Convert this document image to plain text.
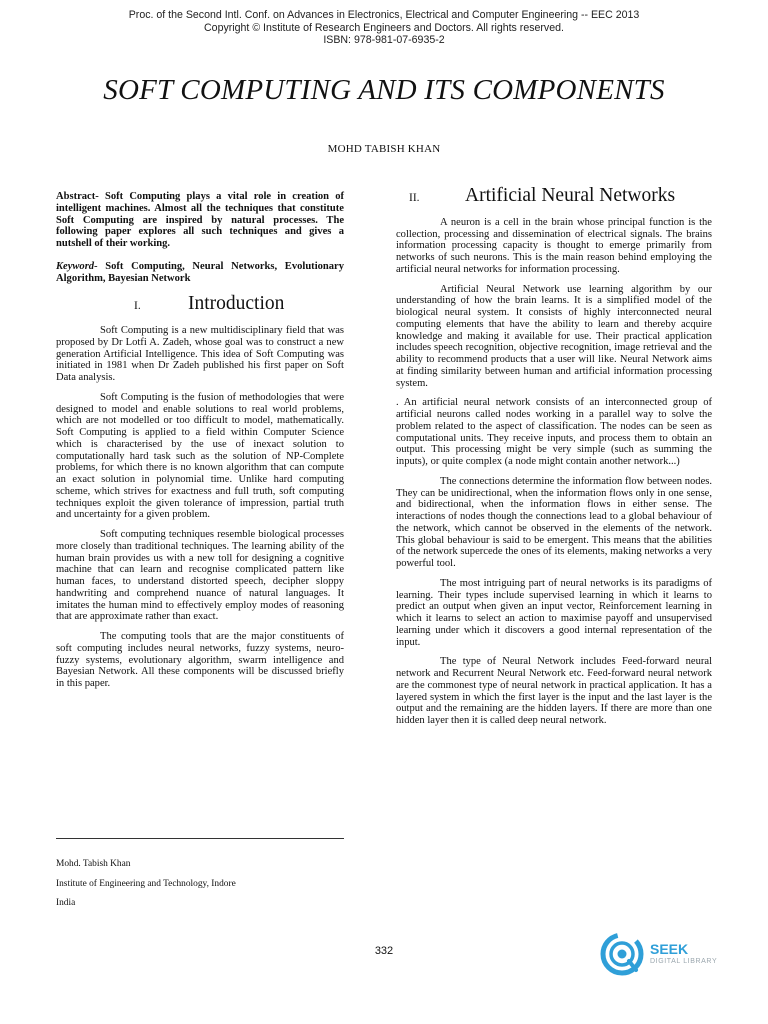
Proc. of the Second Intl. Conf. on Advances in Electronics, Electrical and Computer Engineering -- EEC 2013
Copyright © Institute of Research Engineers and Doctors. All rights reserved.
ISBN: 978-981-07-6935-2
SOFT COMPUTING AND ITS COMPONENTS
MOHD TABISH KHAN

Abstract- Soft Computing plays a vital role in creation of intelligent machines. Almost all the techniques that constitute Soft Computing are inspired by natural processes. The following paper explores all such techniques and gives a nutshell of their working.

Keyword- Soft Computing, Neural Networks, Evolutionary Algorithm, Bayesian Network

I.	Introduction

Soft Computing is a new multidisciplinary field that was proposed by Dr Lotfi A. Zadeh, whose goal was to construct a new generation Artificial Intelligence. This idea of Soft Computing was initiated in 1981 when Dr Zadeh published his first paper on Soft Data analysis.

Soft Computing is the fusion of methodologies that were designed to model and enable solutions to real world problems, which are not modelled or too difficult to model, mathematically. Soft Computing is applied to a field within Computer Science which is characterised by the use of inexact solution to computationally hard task such as the solution of NP-Complete problems, for which there is no known algorithm that can compute an exact solution in polynomial time. Unlike hard computing scheme, which strives for exactness and full truth, soft computing techniques exploit the given tolerance of impression, partial truth and uncertainty for a given problem.

Soft computing techniques resemble biological processes more closely than traditional techniques. The learning ability of the human brain provides us with a new toll for designing a cognitive machine that can learn and recognise complicated pattern like human faces, to understand distorted speech, decipher sloppy handwriting and comprehend nuance of natural languages. It imitates the human mind to effectively employ modes of reasoning that are approximate rather than exact.

The computing tools that are the major constituents of soft computing includes neural networks, fuzzy systems, neuro-fuzzy systems, evolutionary algorithm, swarm intelligence and Bayesian Network. All these components will be discussed briefly in this paper.

II.	Artificial Neural Networks

A neuron is a cell in the brain whose principal function is the collection, processing and dissemination of electrical signals. The brains information processing capacity is thought to emerge primarily from networks of such neurons. This is the main reason behind employing the artificial neural networks for information processing.

Artificial Neural Network use learning algorithm by our understanding of how the brain learns. It is a simplified model of the biological neural system. It consists of highly interconnected neural computing elements that have the ability to learn and thereby acquire knowledge and making it available for use. Their practical application includes speech recognition, objective recognition, image retrieval and the ability to recommend products that a user will like. Neural Network aims at finding similarity between human and artificial information processing system.

. An artificial neural network consists of an interconnected group of artificial neurons called nodes working in a parallel way to solve the problem related to the aspect of classification. The nodes can be seen as computational units. They receive inputs, and process them to obtain an output. This processing might be very simple (such as summing the inputs), or quite complex (a node might contain another network...)

The connections determine the information flow between nodes. They can be unidirectional, when the information flows only in one sense, and bidirectional, when the information flows in either sense. The interactions of nodes though the connections lead to a global behaviour of the network, which cannot be observed in the elements of the network. This global behaviour is said to be emergent. This means that the abilities of the network supercede the ones of its elements, making networks a very powerful tool.

The most intriguing part of neural networks is its paradigms of learning. Their types include supervised learning in which it learns to predict an output when given an input vector, Reinforcement learning in which it learns to select an action to maximise payoff and unsupervised learning under which it discovers a good internal representation of the input.

The type of Neural Network includes Feed-forward neural network and Recurrent Neural Network etc. Feed-forward neural network are the commonest type of neural network in practical application. It has a layered system in which the first layer is the input and the last layer is the output and the remaining are the hidden layers. If there are more than one hidden layer then it is called deep neural network.

Mohd. Tabish Khan
Institute of Engineering and Technology, Indore
India
332	SEEK
DIGITAL LIBRARY
